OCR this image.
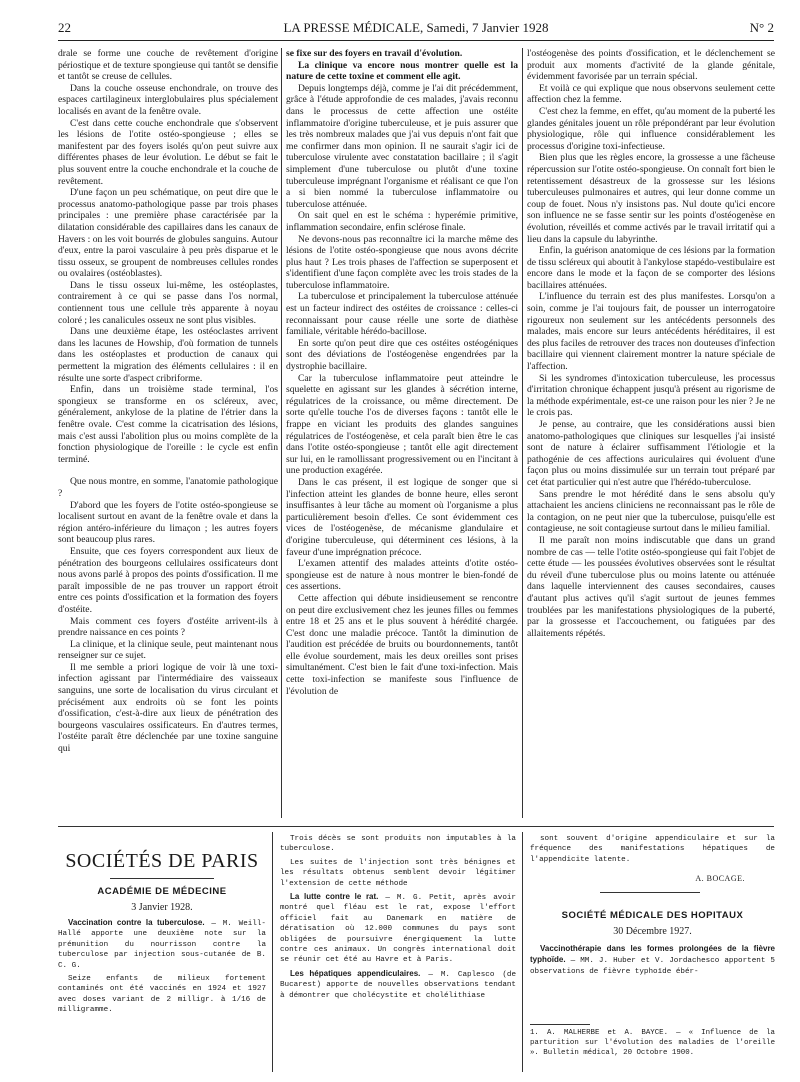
22	LA PRESSE MÉDICALE, Samedi, 7 Janvier 1928	N° 2

drale se forme une couche de revêtement d'origine périostique et de texture spongieuse qui tantôt se densifie et tantôt se creuse de cellules.

Dans la couche osseuse enchondrale, on trouve des espaces cartilagineux interglobulaires plus spécialement localisés en avant de la fenêtre ovale.

C'est dans cette couche enchondrale que s'observent les lésions de l'otite ostéo-spongieuse ; elles se manifestent par des foyers isolés qu'on peut suivre aux différentes phases de leur évolution. Le début se fait le plus souvent entre la couche enchondrale et la couche de revêtement.

D'une façon un peu schématique, on peut dire que le processus anatomo-pathologique passe par trois phases principales : une première phase caractérisée par la dilatation considérable des capillaires dans les canaux de Havers : on les voit bourrés de globules sanguins. Autour d'eux, entre la paroi vasculaire à peu près disparue et le tissu osseux, se groupent de nombreuses cellules rondes ou ovalaires (ostéoblastes).

Dans le tissu osseux lui-même, les ostéoplastes, contrairement à ce qui se passe dans l'os normal, contiennent tous une cellule très apparente à noyau coloré ; les canalicules osseux ne sont plus visibles.

Dans une deuxième étape, les ostéoclastes arrivent dans les lacunes de Howship, d'où formation de tunnels dans les ostéoplastes et production de canaux qui permettent la migration des éléments cellulaires : il en résulte une sorte d'aspect cribriforme.

Enfin, dans un troisième stade terminal, l'os spongieux se transforme en os scléreux, avec, généralement, ankylose de la platine de l'étrier dans la fenêtre ovale. C'est comme la cicatrisation des lésions, mais c'est aussi l'abolition plus ou moins complète de la fonction physiologique de l'oreille : le cycle est enfin terminé.

Que nous montre, en somme, l'anatomie pathologique ?

D'abord que les foyers de l'otite ostéo-spongieuse se localisent surtout en avant de la fenêtre ovale et dans la région antéro-inférieure du limaçon ; les autres foyers sont beaucoup plus rares.

Ensuite, que ces foyers correspondent aux lieux de pénétration des bourgeons cellulaires ossificateurs dont nous avons parlé à propos des points d'ossification. Il me paraît impossible de ne pas trouver un rapport étroit entre ces points d'ossification et la formation des foyers d'ostéite.

Mais comment ces foyers d'ostéite arrivent-ils à prendre naissance en ces points ?

La clinique, et la clinique seule, peut maintenant nous renseigner sur ce sujet.

Il me semble a priori logique de voir là une toxi-infection agissant par l'intermédiaire des vaisseaux sanguins, une sorte de localisation du virus circulant et précisément aux endroits où se font les points d'ossification, c'est-à-dire aux lieux de pénétration des bourgeons vasculaires ossificateurs. En d'autres termes, l'ostéite paraît être déclenchée par une toxine sanguine qui

se fixe sur des foyers en travail d'évolution.

La clinique va encore nous montrer quelle est la nature de cette toxine et comment elle agit.

Depuis longtemps déjà, comme je l'ai dit précédemment, grâce à l'étude approfondie de ces malades, j'avais reconnu dans le processus de cette affection une ostéite inflammatoire d'origine tuberculeuse, et je puis assurer que les très nombreux malades que j'ai vus depuis n'ont fait que me confirmer dans mon opinion. Il ne saurait s'agir ici de tuberculose virulente avec constatation bacillaire ; il s'agit simplement d'une tuberculose ou plutôt d'une toxine tuberculeuse imprégnant l'organisme et réalisant ce que l'on a si bien nommé la tuberculose inflammatoire ou tuberculose atténuée.

On sait quel en est le schéma : hyperémie primitive, inflammation secondaire, enfin sclérose finale.

Ne devons-nous pas reconnaître ici la marche même des lésions de l'otite ostéo-spongieuse que nous avons décrite plus haut ? Les trois phases de l'affection se superposent et s'identifient d'une façon complète avec les trois stades de la tuberculose inflammatoire.

La tuberculose et principalement la tuberculose atténuée est un facteur indirect des ostéites de croissance : celles-ci reconnaissant pour cause réelle une sorte de diathèse familiale, véritable hérédo-bacillose.

En sorte qu'on peut dire que ces ostéites ostéogéniques sont des déviations de l'ostéogenèse engendrées par la dystrophie bacillaire.

Car la tuberculose inflammatoire peut atteindre le squelette en agissant sur les glandes à sécrétion interne, régulatrices de la croissance, ou même directement. De sorte qu'elle touche l'os de diverses façons : tantôt elle le frappe en viciant les produits des glandes sanguines régulatrices de l'ostéogenèse, et cela paraît bien être le cas dans l'otite ostéo-spongieuse ; tantôt elle agit directement sur lui, en le ramollissant progressivement ou en l'incitant à une production exagérée.

Dans le cas présent, il est logique de songer que si l'infection atteint les glandes de bonne heure, elles seront insuffisantes à leur tâche au moment où l'organisme a plus particulièrement besoin d'elles. Ce sont évidemment ces vices de l'ostéogenèse, de mécanisme glandulaire et d'origine tuberculeuse, qui déterminent ces lésions, à la faveur d'une imprégnation précoce.

L'examen attentif des malades atteints d'otite ostéo-spongieuse est de nature à nous montrer le bien-fondé de ces assertions.

Cette affection qui débute insidieusement se rencontre on peut dire exclusivement chez les jeunes filles ou femmes entre 18 et 25 ans et le plus souvent à hérédité chargée. C'est donc une maladie précoce. Tantôt la diminution de l'audition est précédée de bruits ou bourdonnements, tantôt elle évolue sourdement, mais les deux oreilles sont prises simultanément. C'est bien le fait d'une toxi-infection. Mais cette toxi-infection se manifeste sous l'influence de l'évolution de

l'ostéogenèse des points d'ossification, et le déclenchement se produit aux moments d'activité de la glande génitale, évidemment favorisée par un terrain spécial.

Et voilà ce qui explique que nous observons seulement cette affection chez la femme.

C'est chez la femme, en effet, qu'au moment de la puberté les glandes génitales jouent un rôle prépondérant par leur évolution physiologique, rôle qui influence considérablement les processus d'origine toxi-infectieuse.

Bien plus que les règles encore, la grossesse a une fâcheuse répercussion sur l'otite ostéo-spongieuse. On connaît fort bien le retentissement désastreux de la grossesse sur les lésions tuberculeuses pulmonaires et autres, qui leur donne comme un coup de fouet. Nous n'y insistons pas. Nul doute qu'ici encore son influence ne se fasse sentir sur les points d'ostéogenèse en évolution, réveillés et comme activés par le travail irritatif qui a lieu dans la capsule du labyrinthe.

Enfin, la guérison anatomique de ces lésions par la formation de tissu scléreux qui aboutit à l'ankylose stapédo-vestibulaire est encore dans le mode et la façon de se comporter des lésions bacillaires atténuées.

L'influence du terrain est des plus manifestes. Lorsqu'on a soin, comme je l'ai toujours fait, de pousser un interrogatoire rigoureux non seulement sur les antécédents personnels des malades, mais encore sur leurs antécédents héréditaires, il est des plus faciles de retrouver des traces non douteuses d'infection bacillaire qui viennent clairement montrer la nature spéciale de l'affection.

Si les syndromes d'intoxication tuberculeuse, les processus d'irritation chronique échappent jusqu'à présent au rigorisme de la méthode expérimentale, est-ce une raison pour les nier ? Je ne le crois pas.

Je pense, au contraire, que les considérations aussi bien anatomo-pathologiques que cliniques sur lesquelles j'ai insisté sont de nature à éclairer suffisamment l'étiologie et la pathogénie de ces affections auriculaires qui évoluent d'une façon plus ou moins dissimulée sur un terrain tout préparé par cet état particulier qui n'est autre que l'hérédo-tuberculose.

Sans prendre le mot hérédité dans le sens absolu qu'y attachaient les anciens cliniciens ne reconnaissant pas le rôle de la contagion, on ne peut nier que la tuberculose, puisqu'elle est contagieuse, ne soit contagieuse surtout dans le milieu familial.

Il me paraît non moins indiscutable que dans un grand nombre de cas — telle l'otite ostéo-spongieuse qui fait l'objet de cette étude — les poussées évolutives observées sont le résultat du réveil d'une tuberculose plus ou moins latente ou atténuée dans laquelle interviennent des causes secondaires, causes d'autant plus actives qu'il s'agit surtout de jeunes femmes troublées par les manifestations physiologiques de la puberté, par la grossesse et l'accouchement, ou fatiguées par des allaitements répétés.

SOCIÉTÉS DE PARIS
ACADÉMIE DE MÉDECINE
3 Janvier 1928.

Vaccination contre la tuberculose. — M. Weill-Hallé apporte une deuxième note sur la prémunition du nourrisson contre la tuberculose par injection sous-cutanée de B. C. G.

Seize enfants de milieux fortement contaminés ont été vaccinés en 1924 et 1927 avec doses variant de 2 milligr. à 1/16 de milligramme.

Trois décès se sont produits non imputables à la tuberculose.

Les suites de l'injection sont très bénignes et les résultats obtenus semblent devoir légitimer l'extension de cette méthode

La lutte contre le rat. — M. G. Petit, après avoir montré quel fléau est le rat, expose l'effort officiel fait au Danemark en matière de dératisation où 12.000 communes du pays sont obligées de poursuivre énergiquement la lutte contre ces animaux. Un congrès international doit se réunir cet été au Havre et à Paris.

Les hépatiques appendiculaires. — M. Caplesco (de Bucarest) apporte de nouvelles observations tendant à démontrer que cholécystite et cholélithiase

sont souvent d'origine appendiculaire et sur la fréquence des manifestations hépatiques de l'appendicite latente.

A. BOCAGE.
SOCIÉTÉ MÉDICALE DES HOPITAUX
30 Décembre 1927.

Vaccinothérapie dans les formes prolongées de la fièvre typhoïde. — MM. J. Huber et V. Jordachesco apportent 5 observations de fièvre typhoïde ébér-

1. A. MALHERBE et A. BAYCE. — « Influence de la parturition sur l'évolution des maladies de l'oreille ». Bulletin médical, 20 Octobre 1900.
